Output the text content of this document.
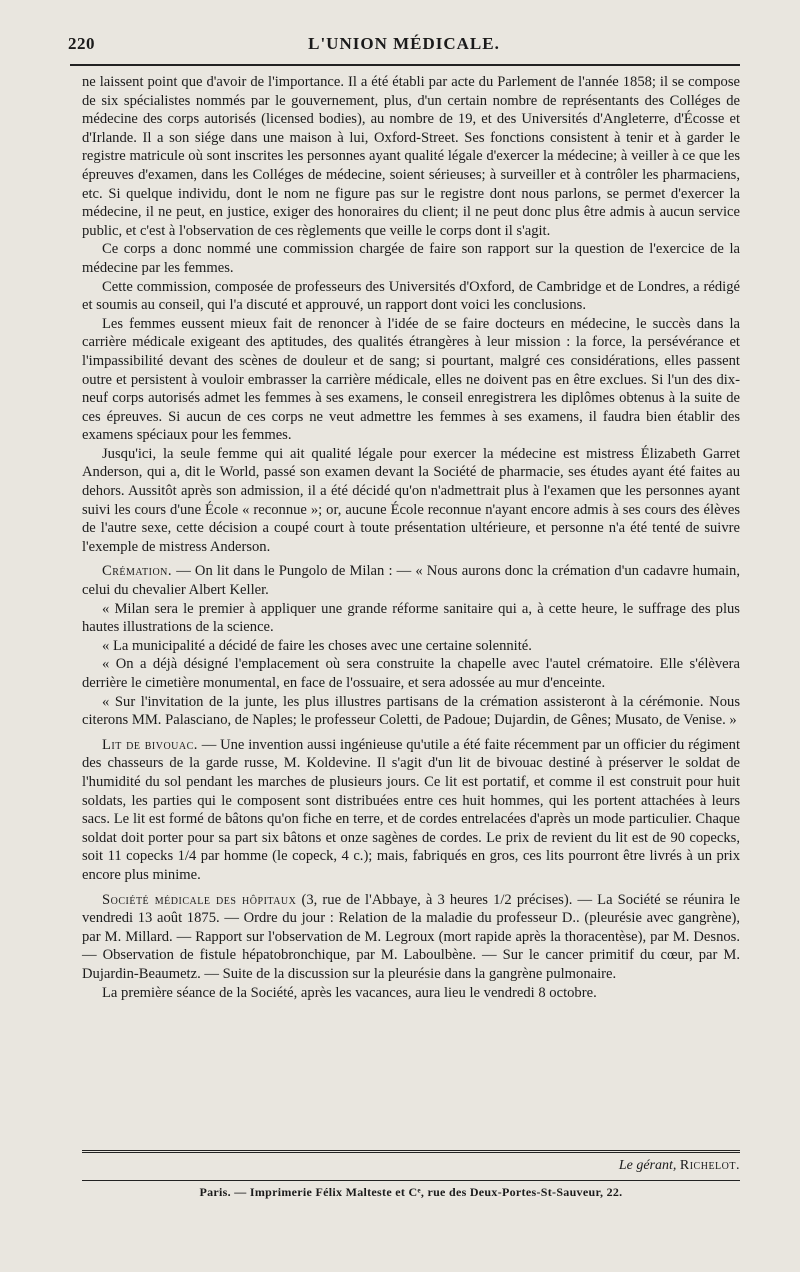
220	L'UNION MÉDICALE.

ne laissent point que d'avoir de l'importance. Il a été établi par acte du Parlement de l'année 1858; il se compose de six spécialistes nommés par le gouvernement, plus, d'un certain nombre de représentants des Colléges de médecine des corps autorisés (licensed bodies), au nombre de 19, et des Universités d'Angleterre, d'Écosse et d'Irlande. Il a son siége dans une maison à lui, Oxford-Street. Ses fonctions consistent à tenir et à garder le registre matricule où sont inscrites les personnes ayant qualité légale d'exercer la médecine; à veiller à ce que les épreuves d'examen, dans les Colléges de médecine, soient sérieuses; à surveiller et à contrôler les pharmaciens, etc. Si quelque individu, dont le nom ne figure pas sur le registre dont nous parlons, se permet d'exercer la médecine, il ne peut, en justice, exiger des honoraires du client; il ne peut donc plus être admis à aucun service public, et c'est à l'observation de ces règlements que veille le corps dont il s'agit.

Ce corps a donc nommé une commission chargée de faire son rapport sur la question de l'exercice de la médecine par les femmes.

Cette commission, composée de professeurs des Universités d'Oxford, de Cambridge et de Londres, a rédigé et soumis au conseil, qui l'a discuté et approuvé, un rapport dont voici les conclusions.

Les femmes eussent mieux fait de renoncer à l'idée de se faire docteurs en médecine, le succès dans la carrière médicale exigeant des aptitudes, des qualités étrangères à leur mission : la force, la persévérance et l'impassibilité devant des scènes de douleur et de sang; si pourtant, malgré ces considérations, elles passent outre et persistent à vouloir embrasser la carrière médicale, elles ne doivent pas en être exclues. Si l'un des dix-neuf corps autorisés admet les femmes à ses examens, le conseil enregistrera les diplômes obtenus à la suite de ces épreuves. Si aucun de ces corps ne veut admettre les femmes à ses examens, il faudra bien établir des examens spéciaux pour les femmes.

Jusqu'ici, la seule femme qui ait qualité légale pour exercer la médecine est mistress Élizabeth Garret Anderson, qui a, dit le World, passé son examen devant la Société de pharmacie, ses études ayant été faites au dehors. Aussitôt après son admission, il a été décidé qu'on n'admettrait plus à l'examen que les personnes ayant suivi les cours d'une École « reconnue »; or, aucune École reconnue n'ayant encore admis à ses cours des élèves de l'autre sexe, cette décision a coupé court à toute présentation ultérieure, et personne n'a été tenté de suivre l'exemple de mistress Anderson.

Crémation. — On lit dans le Pungolo de Milan : — « Nous aurons donc la crémation d'un cadavre humain, celui du chevalier Albert Keller.

« Milan sera le premier à appliquer une grande réforme sanitaire qui a, à cette heure, le suffrage des plus hautes illustrations de la science.

« La municipalité a décidé de faire les choses avec une certaine solennité.

« On a déjà désigné l'emplacement où sera construite la chapelle avec l'autel crématoire. Elle s'élèvera derrière le cimetière monumental, en face de l'ossuaire, et sera adossée au mur d'enceinte.

« Sur l'invitation de la junte, les plus illustres partisans de la crémation assisteront à la cérémonie. Nous citerons MM. Palasciano, de Naples; le professeur Coletti, de Padoue; Dujardin, de Gênes; Musato, de Venise. »

Lit de bivouac. — Une invention aussi ingénieuse qu'utile a été faite récemment par un officier du régiment des chasseurs de la garde russe, M. Koldevine. Il s'agit d'un lit de bivouac destiné à préserver le soldat de l'humidité du sol pendant les marches de plusieurs jours. Ce lit est portatif, et comme il est construit pour huit soldats, les parties qui le composent sont distribuées entre ces huit hommes, qui les portent attachées à leurs sacs. Le lit est formé de bâtons qu'on fiche en terre, et de cordes entrelacées d'après un mode particulier. Chaque soldat doit porter pour sa part six bâtons et onze sagènes de cordes. Le prix de revient du lit est de 90 copecks, soit 11 copecks 1/4 par homme (le copeck, 4 c.); mais, fabriqués en gros, ces lits pourront être livrés à un prix encore plus minime.

Société médicale des hôpitaux (3, rue de l'Abbaye, à 3 heures 1/2 précises). — La Société se réunira le vendredi 13 août 1875. — Ordre du jour : Relation de la maladie du professeur D.. (pleurésie avec gangrène), par M. Millard. — Rapport sur l'observation de M. Legroux (mort rapide après la thoracentèse), par M. Desnos. — Observation de fistule hépatobronchique, par M. Laboulbène. — Sur le cancer primitif du cœur, par M. Dujardin-Beaumetz. — Suite de la discussion sur la pleurésie dans la gangrène pulmonaire.

La première séance de la Société, après les vacances, aura lieu le vendredi 8 octobre.

Le gérant, Richelot.
Paris. — Imprimerie Félix Malteste et Cᵉ, rue des Deux-Portes-St-Sauveur, 22.
